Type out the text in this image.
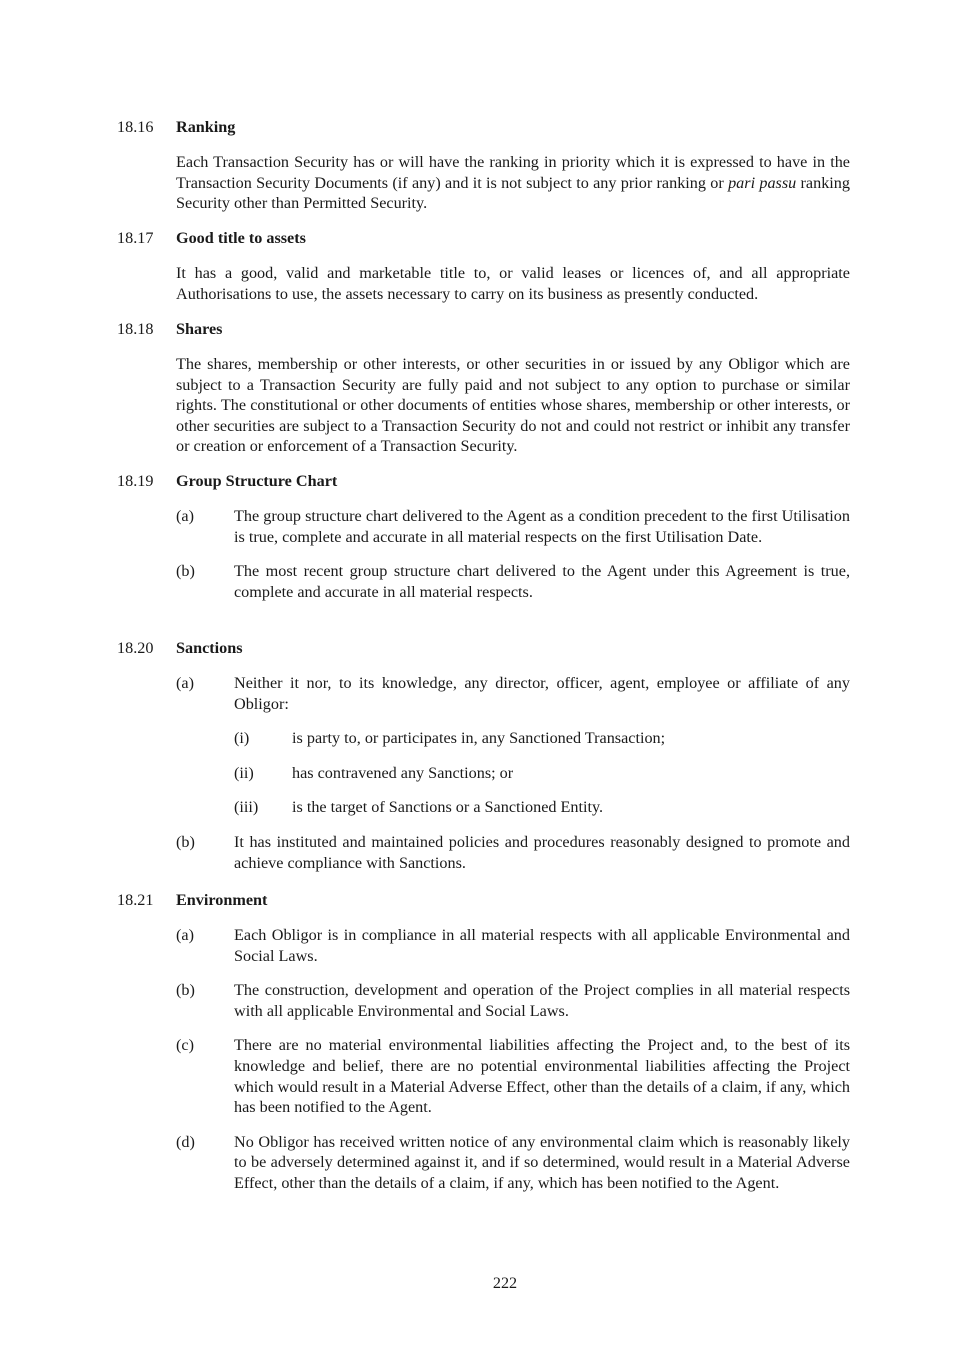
18.16	Ranking
Each Transaction Security has or will have the ranking in priority which it is expressed to have in the Transaction Security Documents (if any) and it is not subject to any prior ranking or pari passu ranking Security other than Permitted Security.
18.17	Good title to assets
It has a good, valid and marketable title to, or valid leases or licences of, and all appropriate Authorisations to use, the assets necessary to carry on its business as presently conducted.
18.18	Shares
The shares, membership or other interests, or other securities in or issued by any Obligor which are subject to a Transaction Security are fully paid and not subject to any option to purchase or similar rights. The constitutional or other documents of entities whose shares, membership or other interests, or other securities are subject to a Transaction Security do not and could not restrict or inhibit any transfer or creation or enforcement of a Transaction Security.
18.19	Group Structure Chart
(a)	The group structure chart delivered to the Agent as a condition precedent to the first Utilisation is true, complete and accurate in all material respects on the first Utilisation Date.
(b)	The most recent group structure chart delivered to the Agent under this Agreement is true, complete and accurate in all material respects.
18.20	Sanctions
(a)	Neither it nor, to its knowledge, any director, officer, agent, employee or affiliate of any Obligor:
(i)	is party to, or participates in, any Sanctioned Transaction;
(ii)	has contravened any Sanctions; or
(iii)	is the target of Sanctions or a Sanctioned Entity.
(b)	It has instituted and maintained policies and procedures reasonably designed to promote and achieve compliance with Sanctions.
18.21	Environment
(a)	Each Obligor is in compliance in all material respects with all applicable Environmental and Social Laws.
(b)	The construction, development and operation of the Project complies in all material respects with all applicable Environmental and Social Laws.
(c)	There are no material environmental liabilities affecting the Project and, to the best of its knowledge and belief, there are no potential environmental liabilities affecting the Project which would result in a Material Adverse Effect, other than the details of a claim, if any, which has been notified to the Agent.
(d)	No Obligor has received written notice of any environmental claim which is reasonably likely to be adversely determined against it, and if so determined, would result in a Material Adverse Effect, other than the details of a claim, if any, which has been notified to the Agent.
222
